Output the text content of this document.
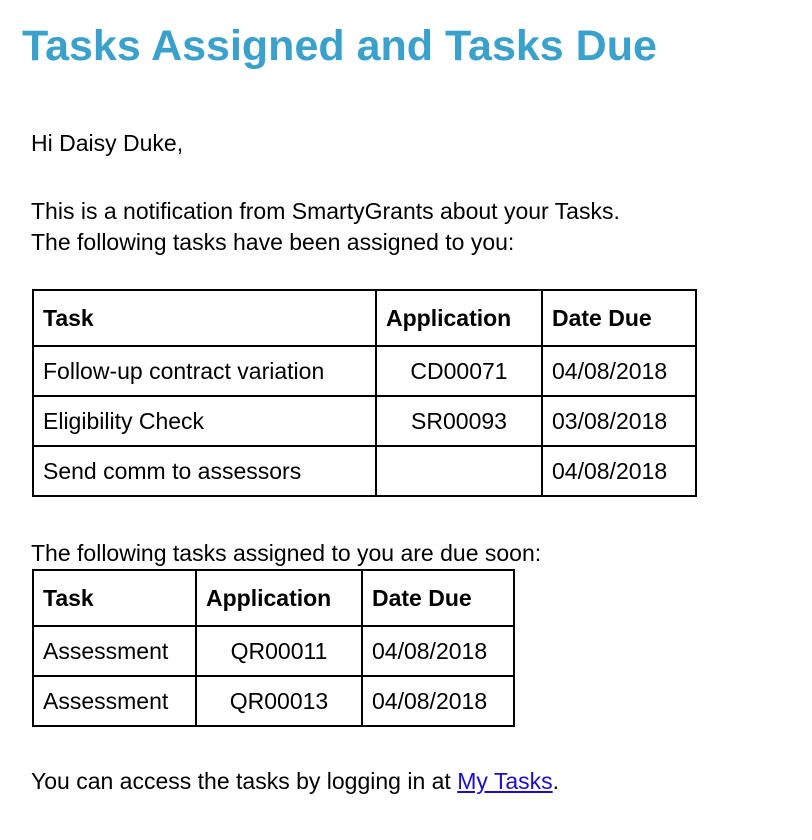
Tasks Assigned and Tasks Due

Hi Daisy Duke,

This is a notification from SmartyGrants about your Tasks.

The following tasks have been assigned to you:

Task	Application	Date Due
Follow-up contract variation	CD00071	04/08/2018
Eligibility Check	SR00093	03/08/2018
Send comm to assessors		04/08/2018

The following tasks assigned to you are due soon:

Task	Application	Date Due
Assessment	QR00011	04/08/2018
Assessment	QR00013	04/08/2018

You can access the tasks by logging in at My Tasks.
